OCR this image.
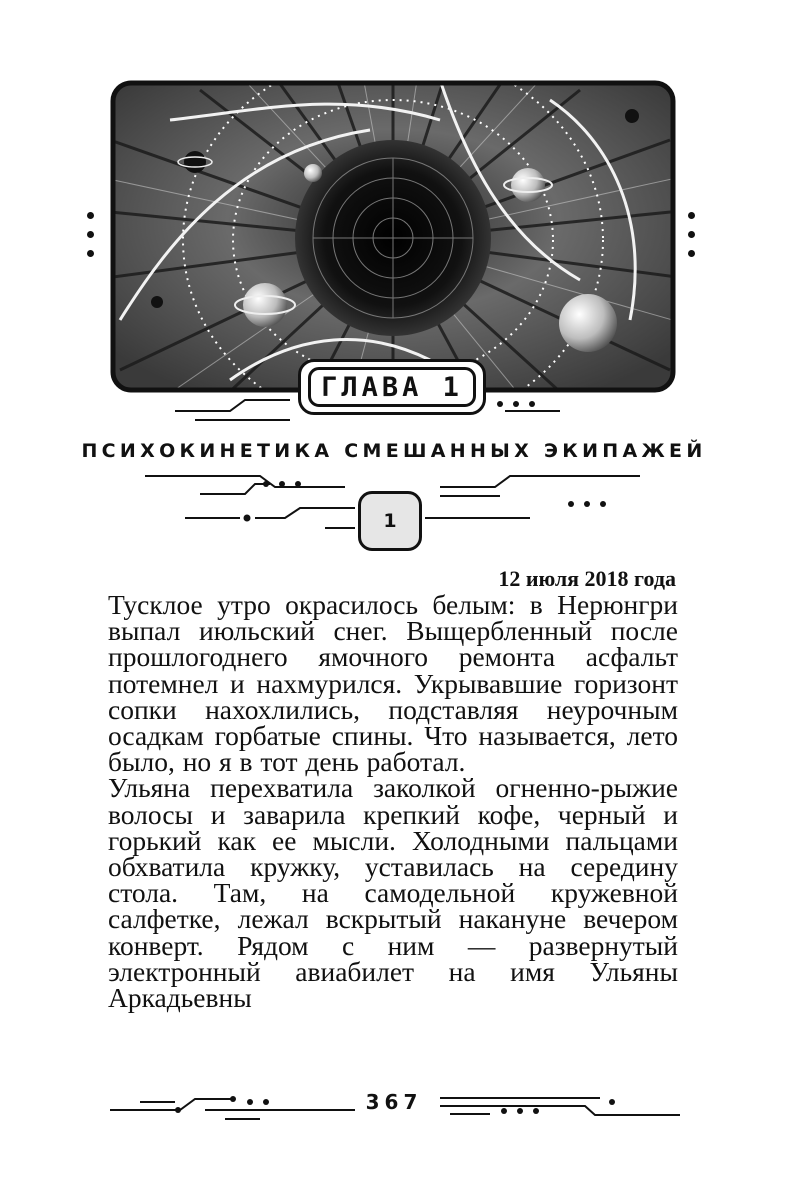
ГЛАВА 1
ПСИХОКИНЕТИКА СМЕШАННЫХ ЭКИПАЖЕЙ
1
12 июля 2018 года

Тусклое утро окрасилось белым: в Нерюнгри выпал июльский снег. Выщербленный после прошлогоднего ямочного ремонта асфальт потемнел и нахмурился. Укрывавшие горизонт сопки нахохлились, подставляя неурочным осадкам горбатые спины. Что называется, лето было, но я в тот день работал.

Ульяна перехватила заколкой огненно-рыжие волосы и заварила крепкий кофе, черный и горький как ее мысли. Холодными пальцами обхватила кружку, уставилась на середину стола. Там, на самодельной кружевной салфетке, лежал вскрытый накануне вечером конверт. Рядом с ним — развернутый электронный авиабилет на имя Ульяны Аркадьевны

367
